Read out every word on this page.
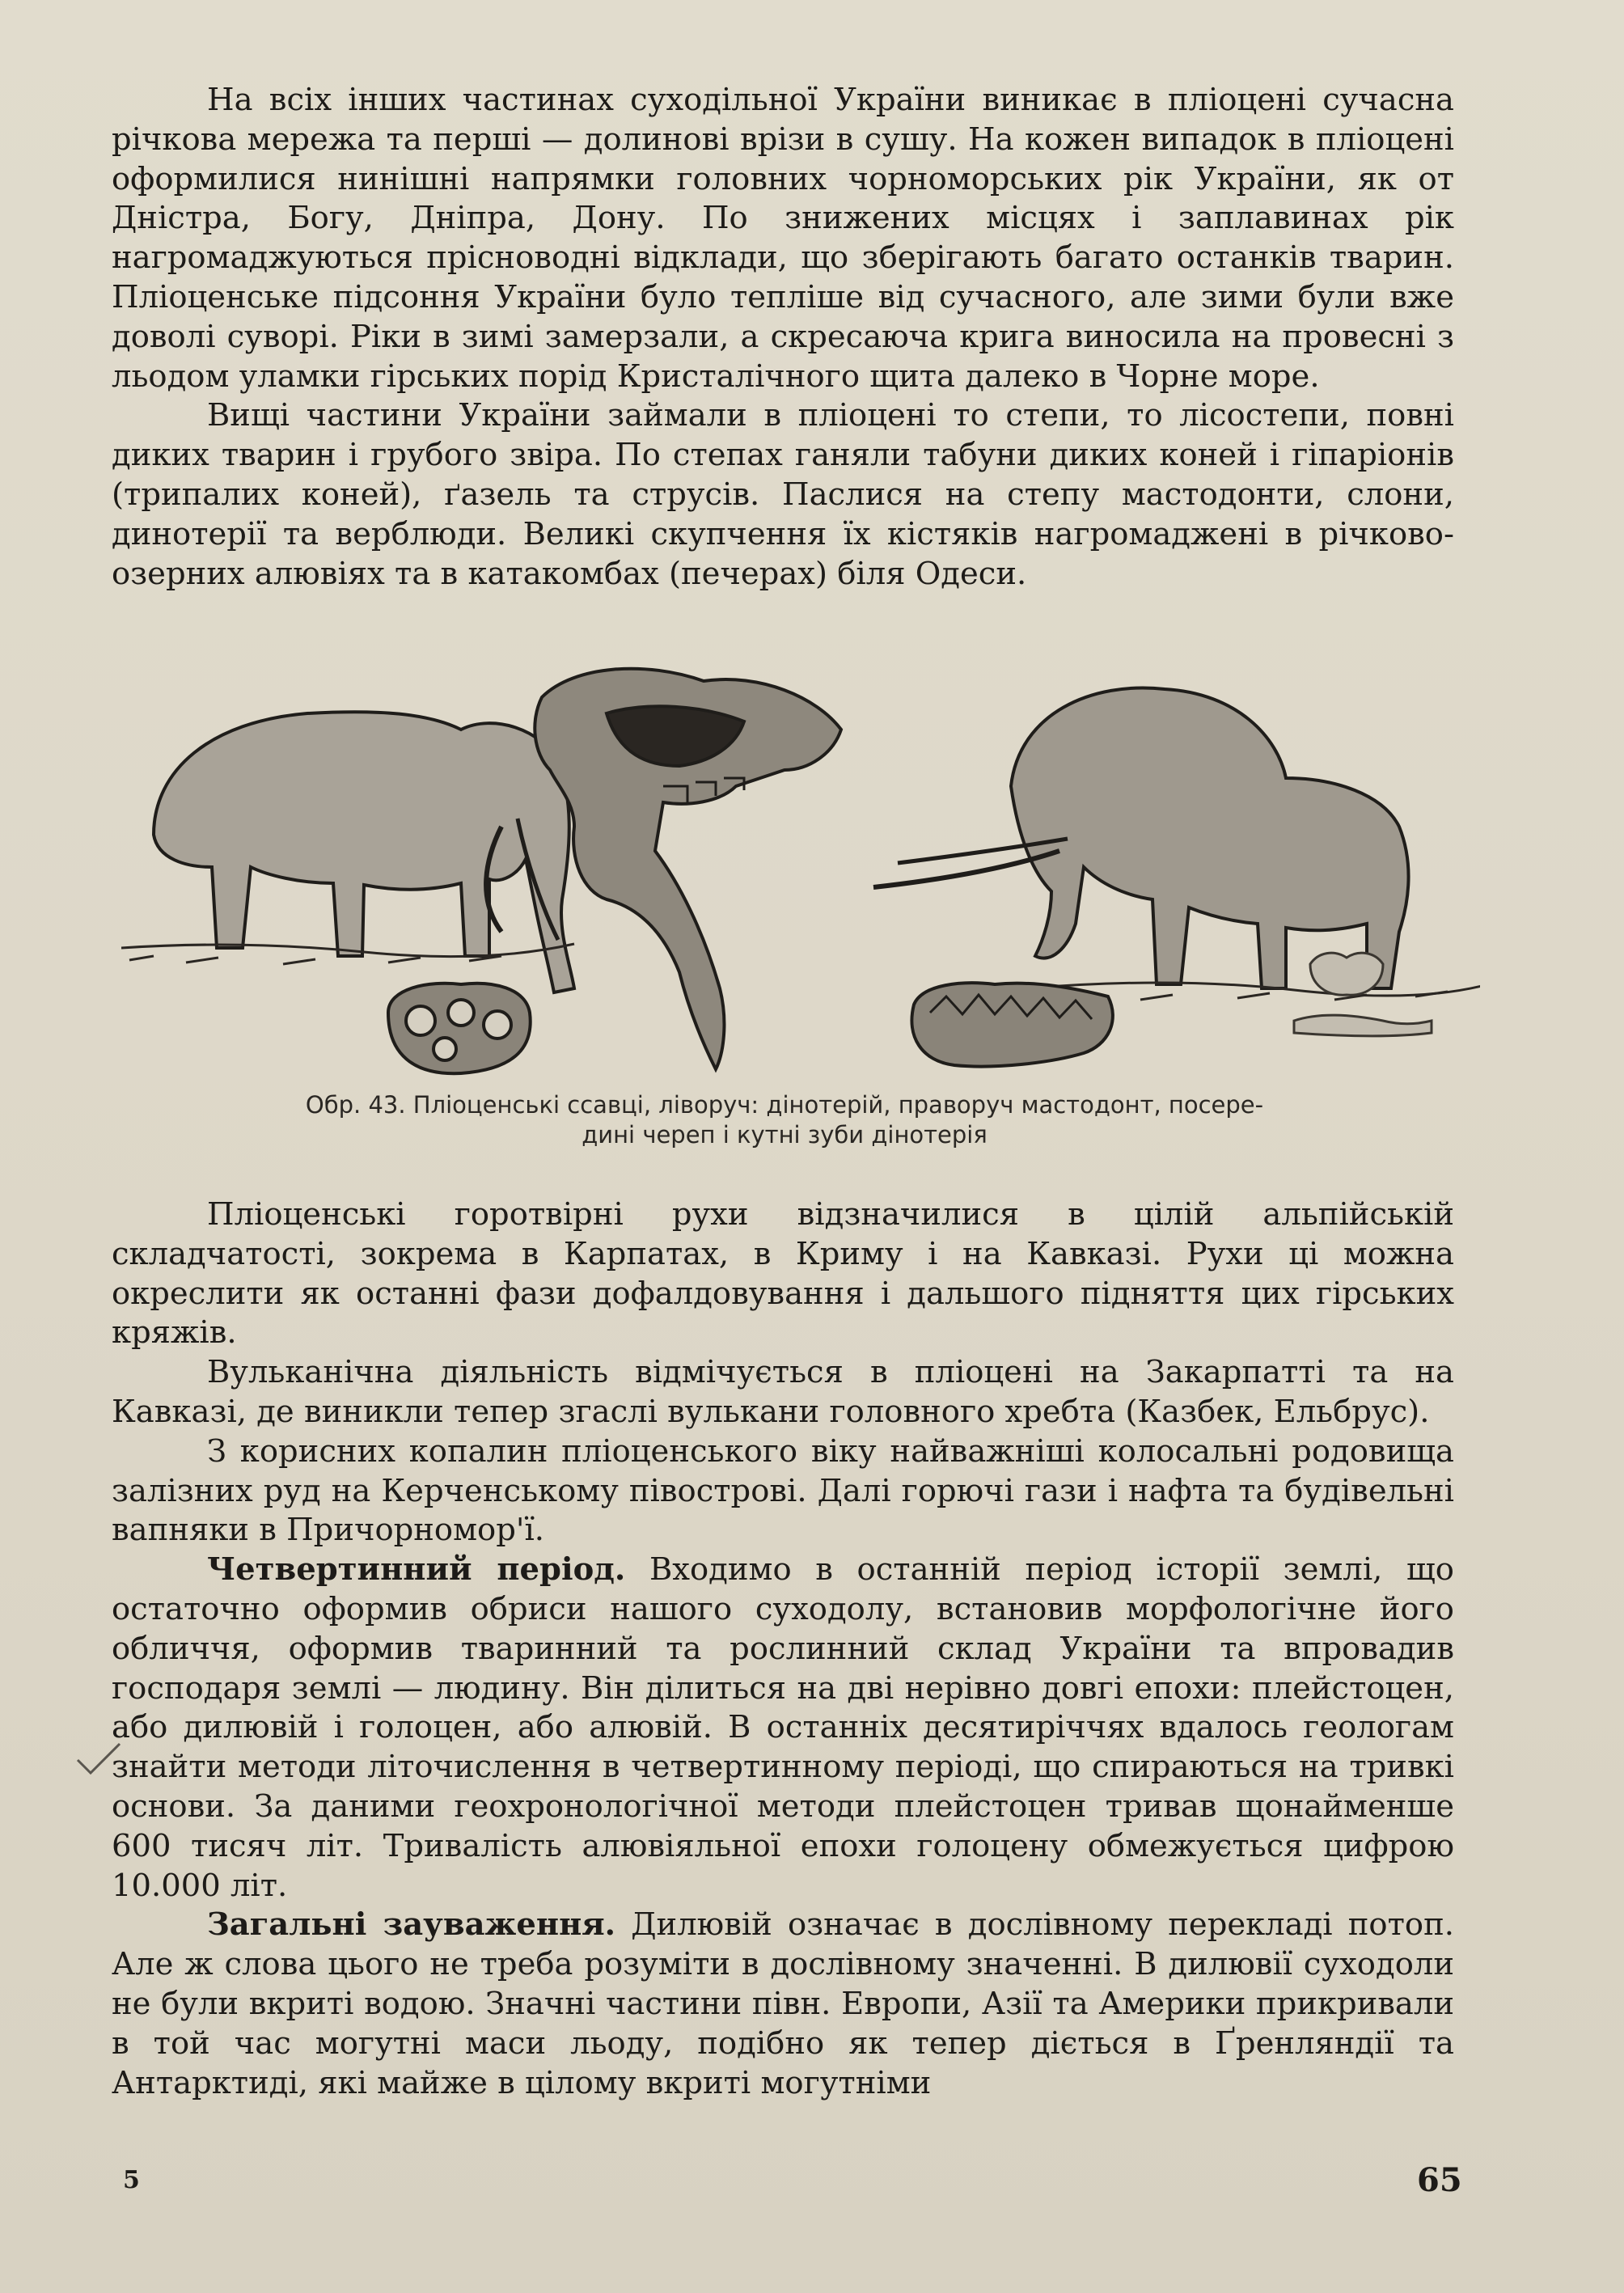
На всіх інших частинах суходільної України виникає в пліоцені сучасна річкова мережа та перші — долинові врізи в сушу. На кожен випадок в пліоцені оформилися нинішні напрямки головних чорноморських рік України, як от Дністра, Богу, Дніпра, Дону. По знижених місцях і заплавинах рік нагромаджуються прісноводні відклади, що зберігають багато останків тварин. Пліоценське підсоння України було тепліше від сучасного, але зими були вже доволі суворі. Ріки в зимі замерзали, а скресаюча крига виносила на провесні з льодом уламки гірських порід Кристалічного щита далеко в Чорне море.

Вищі частини України займали в пліоцені то степи, то лісостепи, повні диких тварин і грубого звіра. По степах ганяли табуни диких коней і гіпаріонів (трипалих коней), ґазель та струсів. Паслися на степу мастодонти, слони, динотерії та верблюди. Великі скупчення їх кістяків нагромаджені в річково-озерних алювіях та в катакомбах (печерах) біля Одеси.

Обр. 43. Пліоценські ссавці, ліворуч: дінотерій, праворуч мастодонт, посере-
дині череп і кутні зуби дінотерія

Пліоценські горотвірні рухи відзначилися в цілій альпійській складчатості, зокрема в Карпатах, в Криму і на Кавказі. Рухи ці можна окреслити як останні фази дофалдовування і дальшого підняття цих гірських кряжів.

Вульканічна діяльність відмічується в пліоцені на Закарпатті та на Кавказі, де виникли тепер згаслі вулькани головного хребта (Казбек, Ельбрус).

З корисних копалин пліоценського віку найважніші колосальні родовища залізних руд на Керченському півострові. Далі горючі гази і нафта та будівельні вапняки в Причорномор'ї.

Четвертинний період. Входимо в останній період історії землі, що остаточно оформив обриси нашого суходолу, встановив морфологічне його обличчя, оформив тваринний та рослинний склад України та впровадив господаря землі — людину. Він ділиться на дві нерівно довгі епохи: плейстоцен, або дилювій і голоцен, або алювій. В останніх десятиріччях вдалось геологам знайти методи літочислення в четвертинному періоді, що спираються на тривкі основи. За даними геохронологічної методи плейстоцен тривав щонайменше 600 тисяч літ. Тривалість алювіяльної епохи голоцену обмежується цифрою 10.000 літ.

Загальні зауваження. Дилювій означає в дослівному перекладі потоп. Але ж слова цього не треба розуміти в дослівному значенні. В дилювії суходоли не були вкриті водою. Значні частини півн. Европи, Азії та Америки прикривали в той час могутні маси льоду, подібно як тепер діється в Ґренляндії та Антарктиді, які майже в цілому вкриті могутніми

5	65
